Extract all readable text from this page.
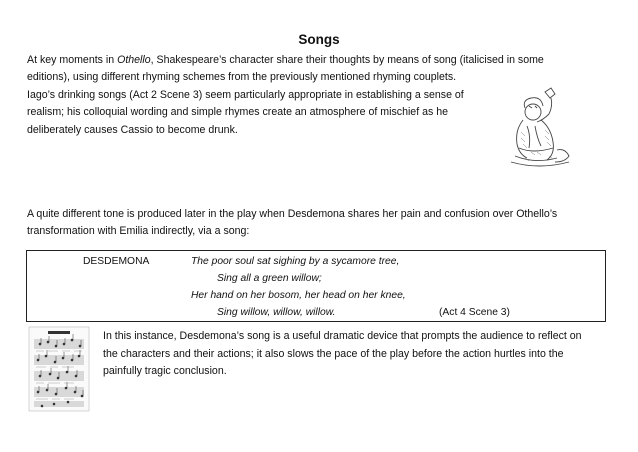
Songs
At key moments in Othello, Shakespeare’s character share their thoughts by means of song (italicised in some
editions), using different rhyming schemes from the previously mentioned rhyming couplets.
Iago’s drinking songs (Act 2 Scene 3) seem particularly appropriate in establishing a sense of
realism; his colloquial wording and simple rhymes create an atmosphere of mischief as he
deliberately causes Cassio to become drunk.
A quite different tone is produced later in the play when Desdemona shares her pain and confusion over Othello’s
transformation with Emilia indirectly, via a song:
DESDEMONA	The poor soul sat sighing by a sycamore tree,
Sing all a green willow;
Her hand on her bosom, her head on her knee,
Sing willow, willow, willow.	(Act 4 Scene 3)
In this instance, Desdemona’s song is a useful dramatic device that prompts the audience to reflect on
the characters and their actions; it also slows the pace of the play before the action hurtles into the
painfully tragic conclusion.
